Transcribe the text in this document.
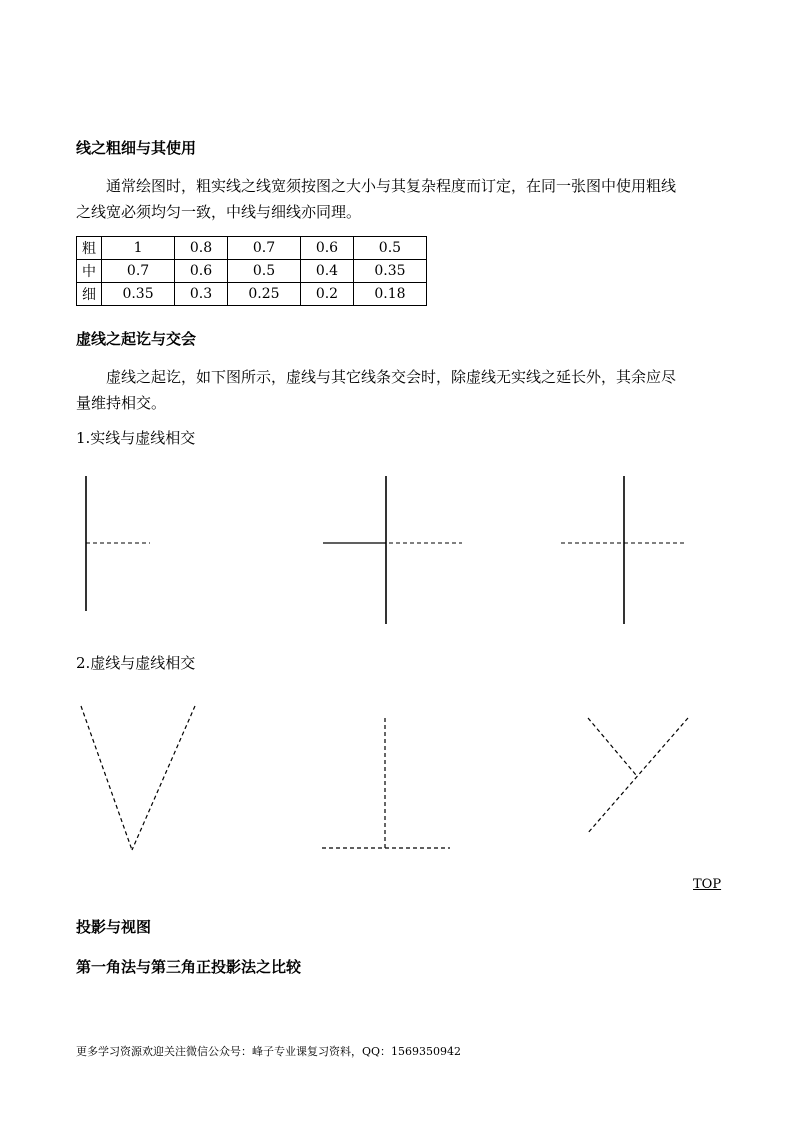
线之粗细与其使用
通常绘图时，粗实线之线宽须按图之大小与其复杂程度而订定，在同一张图中使用粗线
之线宽必须均匀一致，中线与细线亦同理。
粗	1	0.8	0.7	0.6	0.5
中	0.7	0.6	0.5	0.4	0.35
细	0.35	0.3	0.25	0.2	0.18
虚线之起讫与交会
虚线之起讫，如下图所示，虚线与其它线条交会时，除虚线无实线之延长外，其余应尽
量维持相交。
1.实线与虚线相交
2.虚线与虚线相交
TOP
投影与视图
第一角法与第三角正投影法之比较
更多学习资源欢迎关注微信公众号：峰子专业课复习资料，QQ：1569350942
